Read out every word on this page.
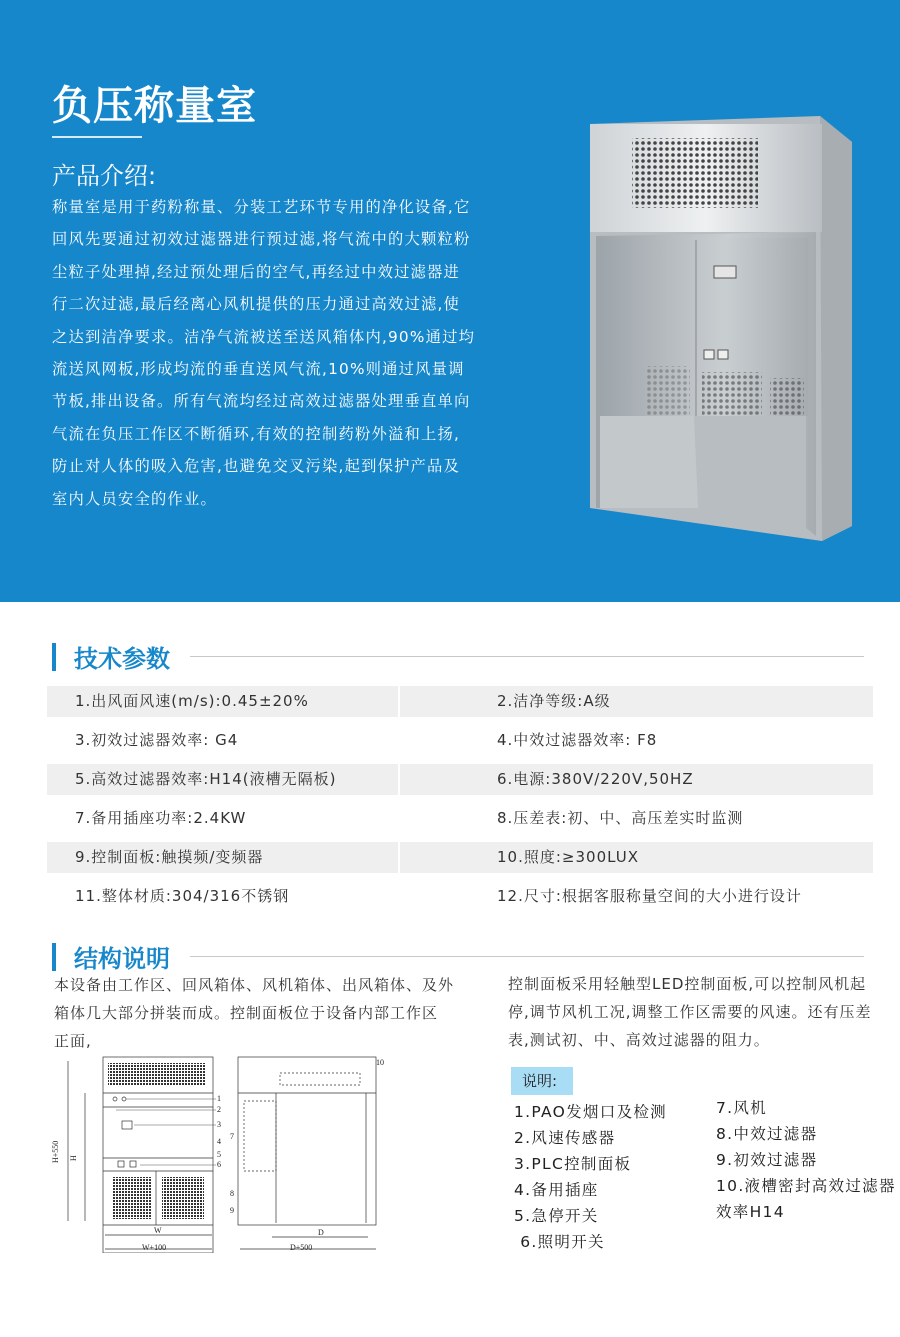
负压称量室
产品介绍:
称量室是用于药粉称量、分装工艺环节专用的净化设备,它
回风先要通过初效过滤器进行预过滤,将气流中的大颗粒粉
尘粒子处理掉,经过预处理后的空气,再经过中效过滤器进
行二次过滤,最后经离心风机提供的压力通过高效过滤,使
之达到洁净要求。洁净气流被送至送风箱体内,90%通过均
流送风网板,形成均流的垂直送风气流,10%则通过风量调
节板,排出设备。所有气流均经过高效过滤器处理垂直单向
气流在负压工作区不断循环,有效的控制药粉外溢和上扬,
防止对人体的吸入危害,也避免交叉污染,起到保护产品及
室内人员安全的作业。
技术参数
1.出风面风速(m/s):0.45±20%	2.洁净等级:A级
3.初效过滤器效率: G4	4.中效过滤器效率: F8
5.高效过滤器效率:H14(液槽无隔板)	6.电源:380V/220V,50HZ
7.备用插座功率:2.4KW	8.压差表:初、中、高压差实时监测
9.控制面板:触摸频/变频器	10.照度:≥300LUX
11.整体材质:304/316不锈钢	12.尺寸:根据客服称量空间的大小进行设计
结构说明
本设备由工作区、回风箱体、风机箱体、出风箱体、及外
箱体几大部分拼装而成。控制面板位于设备内部工作区
正面,
控制面板采用轻触型LED控制面板,可以控制风机起
停,调节风机工况,调整工作区需要的风速。还有压差
表,测试初、中、高效过滤器的阻力。
H+550 H
W
W+100
D
D+500
1
2
3
4
5
6
7
8
9
10
说明:
1.PAO发烟口及检测
2.风速传感器
3.PLC控制面板
4.备用插座
5.急停开关
6.照明开关
7.风机
8.中效过滤器
9.初效过滤器
10.液槽密封高效过滤器
效率H14
